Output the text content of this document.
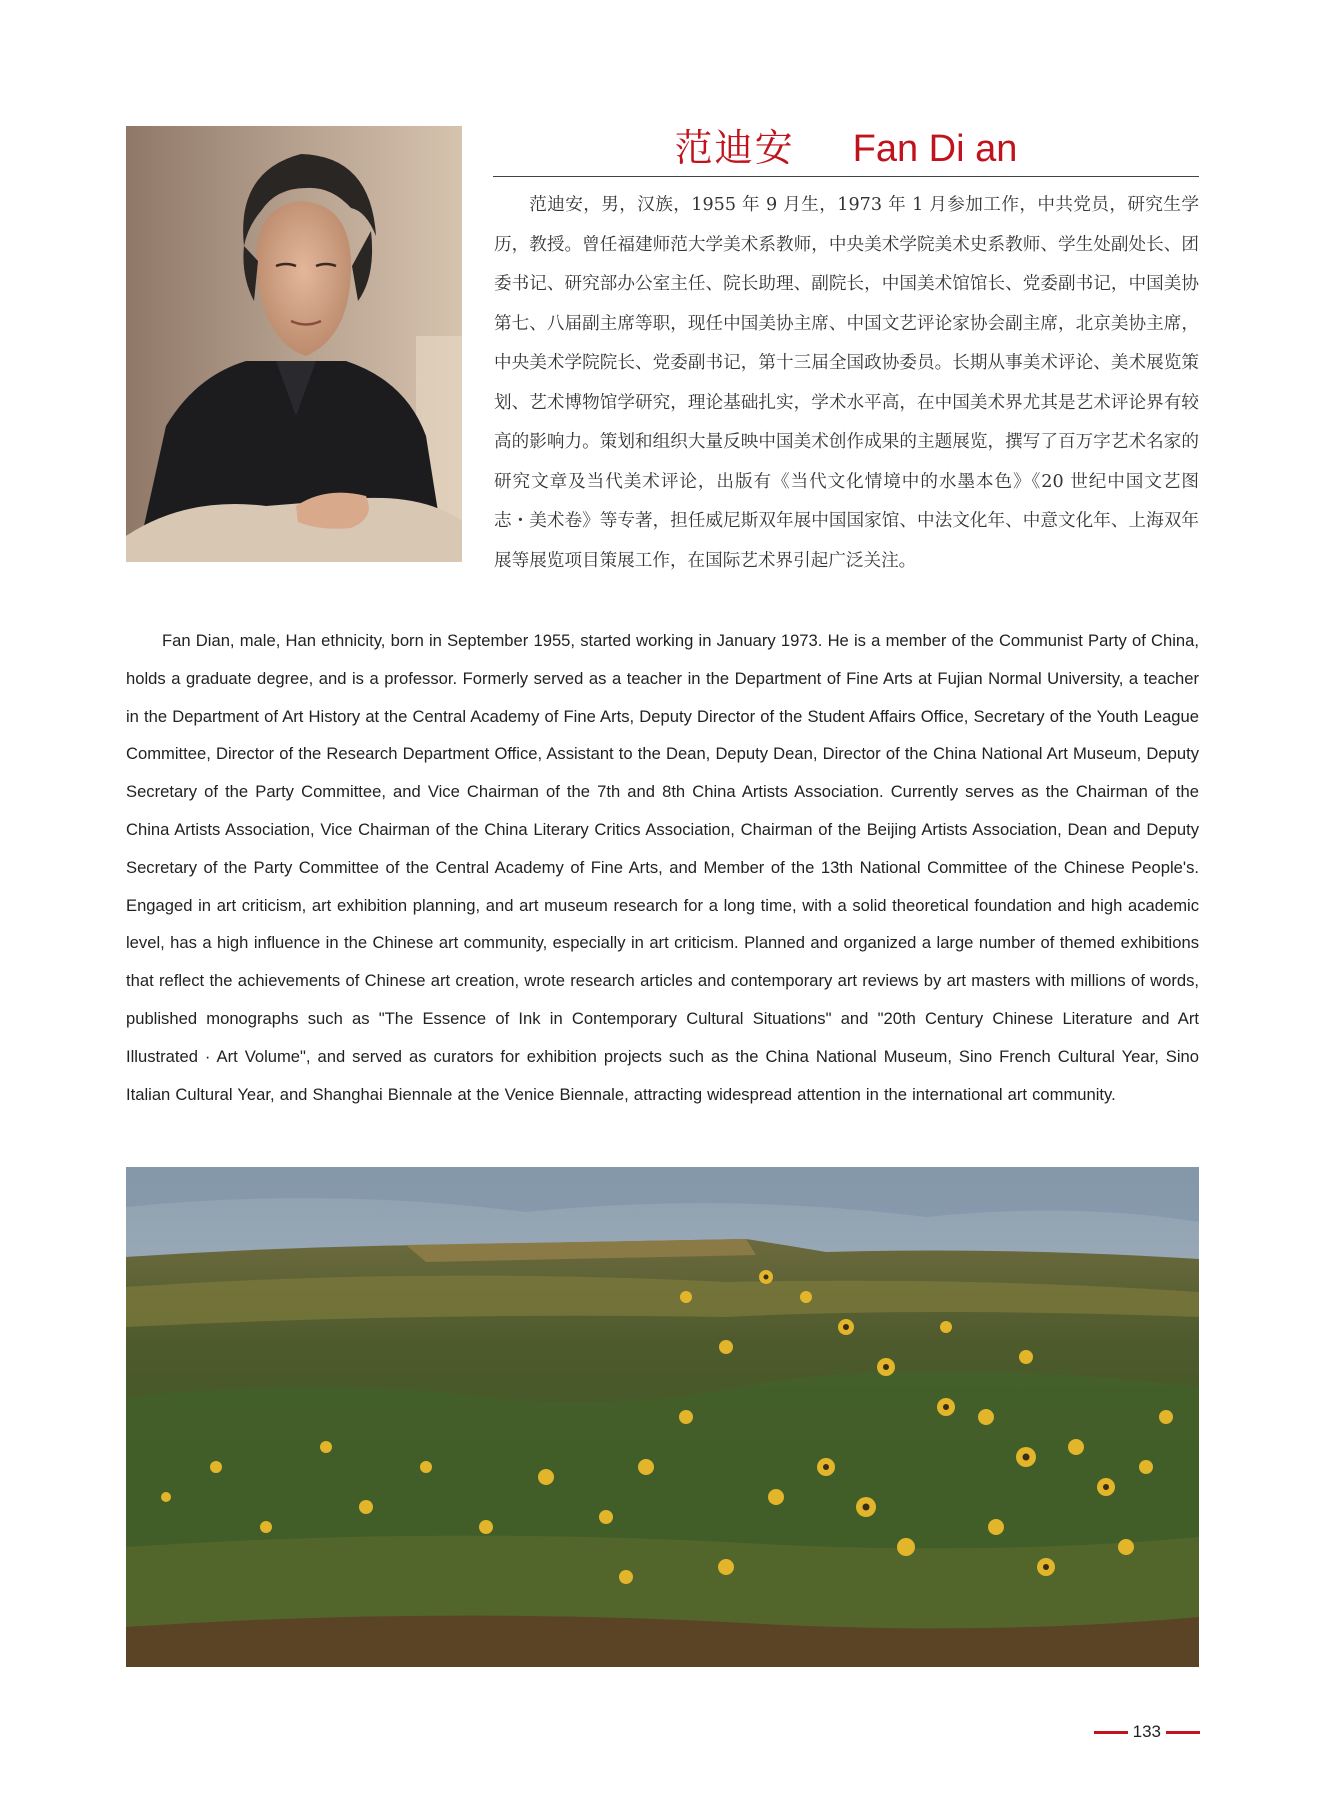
范迪安 Fan Di an

范迪安，男，汉族，1955 年 9 月生，1973 年 1 月参加工作，中共党员，研究生学历，教授。曾任福建师范大学美术系教师，中央美术学院美术史系教师、学生处副处长、团委书记、研究部办公室主任、院长助理、副院长，中国美术馆馆长、党委副书记，中国美协第七、八届副主席等职，现任中国美协主席、中国文艺评论家协会副主席，北京美协主席，中央美术学院院长、党委副书记，第十三届全国政协委员。长期从事美术评论、美术展览策划、艺术博物馆学研究，理论基础扎实，学术水平高，在中国美术界尤其是艺术评论界有较高的影响力。策划和组织大量反映中国美术创作成果的主题展览，撰写了百万字艺术名家的研究文章及当代美术评论，出版有《当代文化情境中的水墨本色》《20 世纪中国文艺图志・美术卷》等专著，担任威尼斯双年展中国国家馆、中法文化年、中意文化年、上海双年展等展览项目策展工作，在国际艺术界引起广泛关注。

Fan Dian, male, Han ethnicity, born in September 1955, started working in January 1973. He is a member of the Communist Party of China, holds a graduate degree, and is a professor. Formerly served as a teacher in the Department of Fine Arts at Fujian Normal University, a teacher in the Department of Art History at the Central Academy of Fine Arts, Deputy Director of the Student Affairs Office, Secretary of the Youth League Committee, Director of the Research Department Office, Assistant to the Dean, Deputy Dean, Director of the China National Art Museum, Deputy Secretary of the Party Committee, and Vice Chairman of the 7th and 8th China Artists Association. Currently serves as the Chairman of the China Artists Association, Vice Chairman of the China Literary Critics Association, Chairman of the Beijing Artists Association, Dean and Deputy Secretary of the Party Committee of the Central Academy of Fine Arts, and Member of the 13th National Committee of the Chinese People's. Engaged in art criticism, art exhibition planning, and art museum research for a long time, with a solid theoretical foundation and high academic level, has a high influence in the Chinese art community, especially in art criticism. Planned and organized a large number of themed exhibitions that reflect the achievements of Chinese art creation, wrote research articles and contemporary art reviews by art masters with millions of words, published monographs such as "The Essence of Ink in Contemporary Cultural Situations" and "20th Century Chinese Literature and Art Illustrated · Art Volume", and served as curators for exhibition projects such as the China National Museum, Sino French Cultural Year, Sino Italian Cultural Year, and Shanghai Biennale at the Venice Biennale, attracting widespread attention in the international art community.

133
